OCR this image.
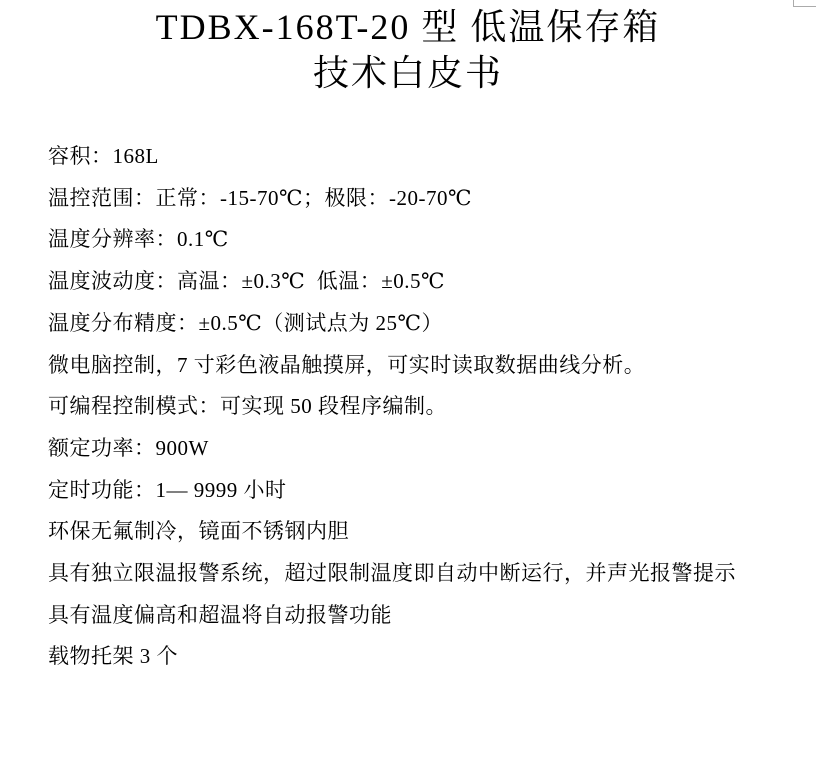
TDBX-168T-20 型 低温保存箱
技术白皮书

容积：168L

温控范围：正常：-15-70℃；极限：-20-70℃

温度分辨率：0.1℃

温度波动度：高温：±0.3℃  低温：±0.5℃

温度分布精度：±0.5℃（测试点为 25℃）

微电脑控制，7 寸彩色液晶触摸屏，可实时读取数据曲线分析。

可编程控制模式：可实现 50 段程序编制。

额定功率：900W

定时功能：1— 9999 小时

环保无氟制冷，镜面不锈钢内胆

具有独立限温报警系统，超过限制温度即自动中断运行，并声光报警提示

具有温度偏高和超温将自动报警功能

载物托架 3 个
